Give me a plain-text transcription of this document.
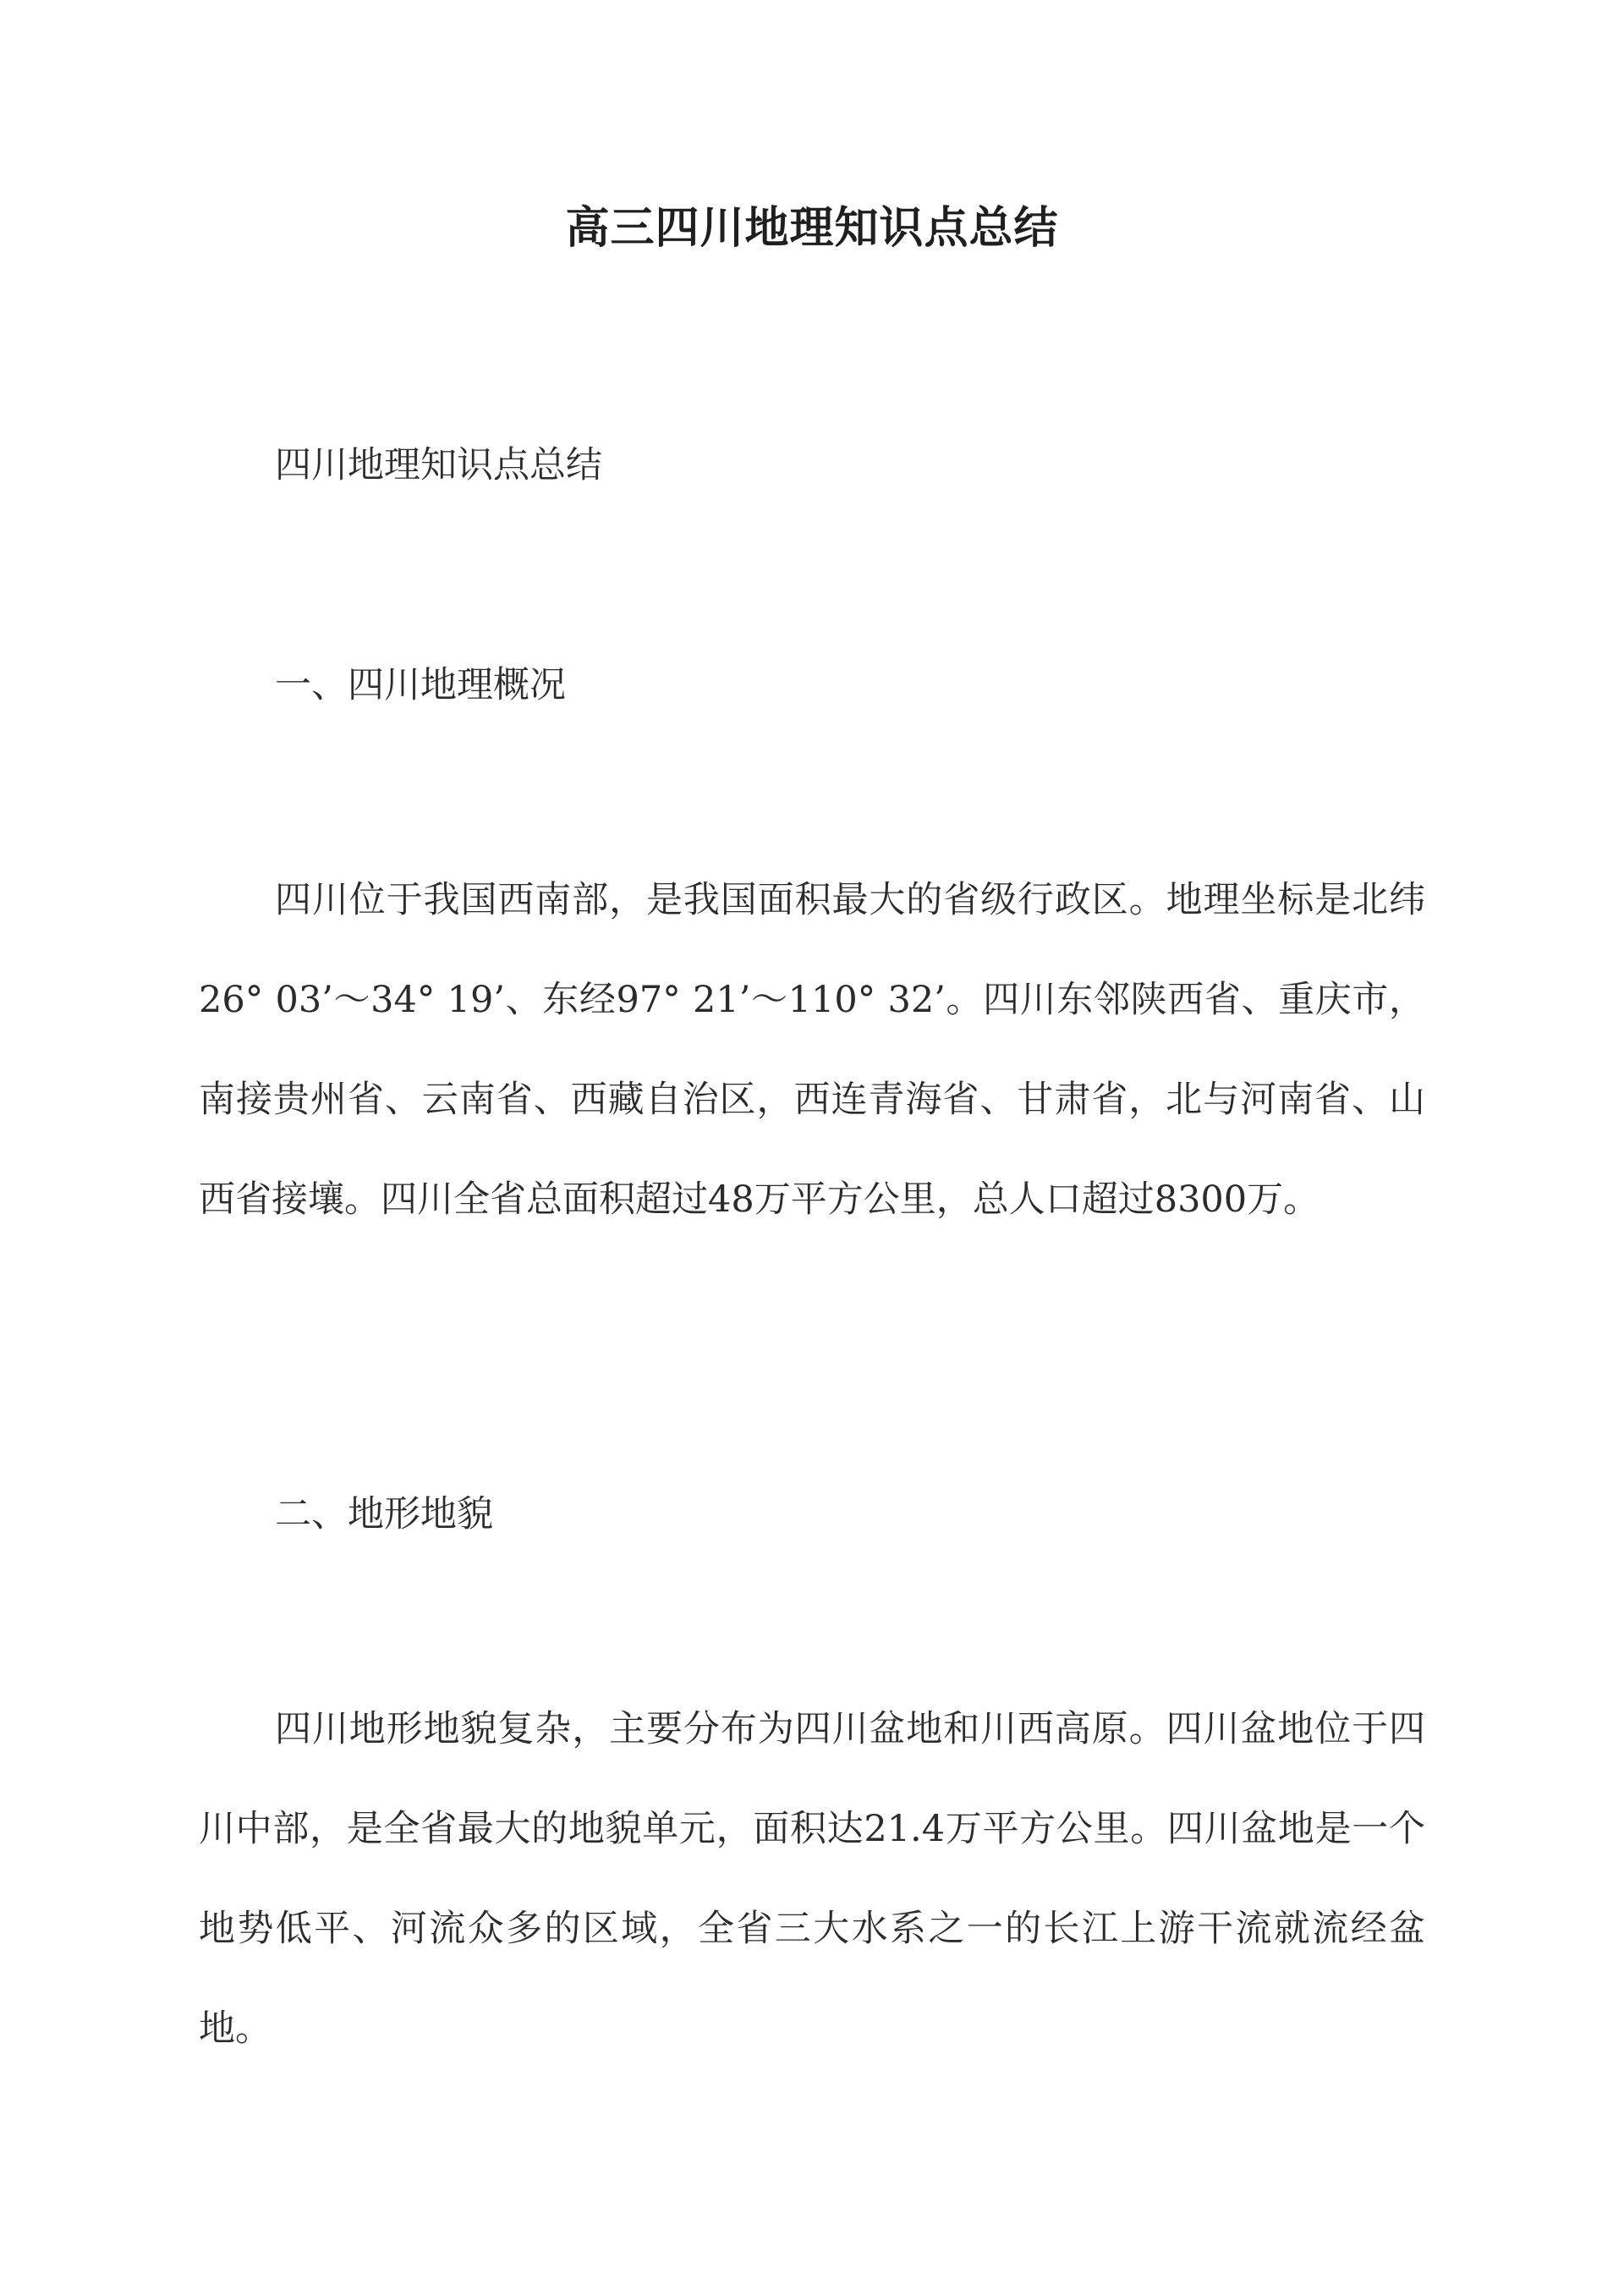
高三四川地理知识点总结

四川地理知识点总结

一、四川地理概况

四川位于我国西南部，是我国面积最大的省级行政区。地理坐标是北纬26° 03’～34° 19’、东经97° 21’～110° 32’。四川东邻陕西省、重庆市，南接贵州省、云南省、西藏自治区，西连青海省、甘肃省，北与河南省、山西省接壤。四川全省总面积超过48万平方公里，总人口超过8300万。

二、地形地貌

四川地形地貌复杂，主要分布为四川盆地和川西高原。四川盆地位于四川中部，是全省最大的地貌单元，面积达21.4万平方公里。四川盆地是一个地势低平、河流众多的区域，全省三大水系之一的长江上游干流就流经盆地。
